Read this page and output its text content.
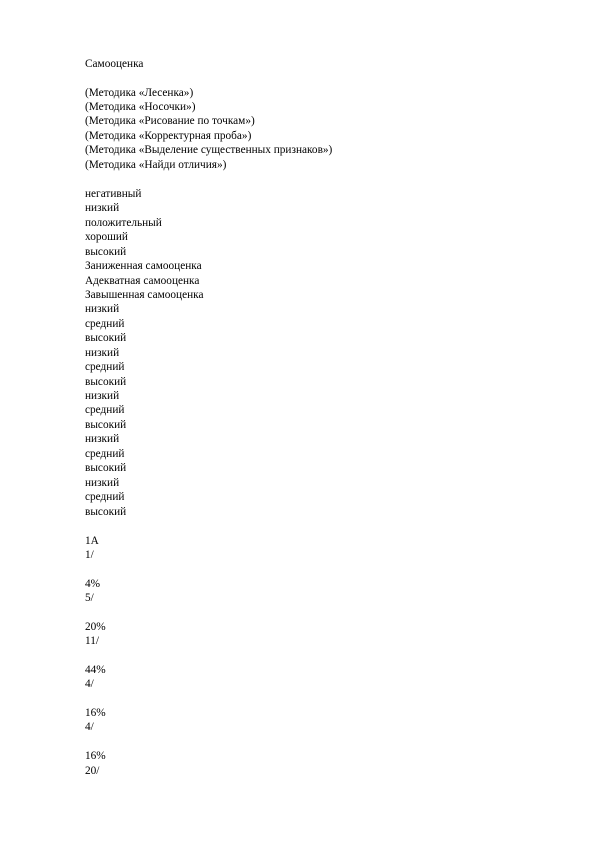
Самооценка
(Методика «Лесенка»)
(Методика «Носочки»)
(Методика «Рисование по точкам»)
(Методика «Корректурная проба»)
(Методика «Выделение существенных признаков»)
(Методика «Найди отличия»)
негативный
низкий
положительный
хороший
высокий
Заниженная самооценка
Адекватная самооценка
Завышенная самооценка
низкий
средний
высокий
низкий
средний
высокий
низкий
средний
высокий
низкий
средний
высокий
низкий
средний
высокий
1А
1/
4%
5/
20%
11/
44%
4/
16%
4/
16%
20/
